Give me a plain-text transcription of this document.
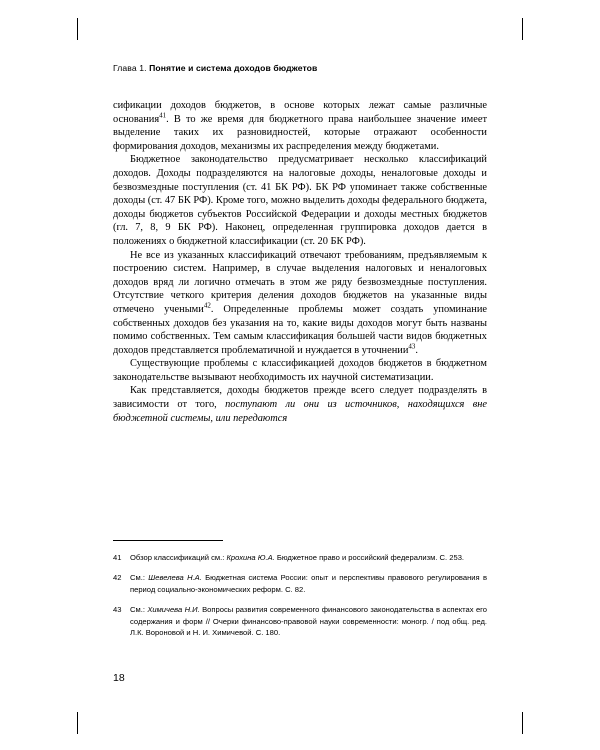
Глава 1. Понятие и система доходов бюджетов

сификации доходов бюджетов, в основе которых лежат самые различные основания$^{41}$. В то же время для бюджетного права наибольшее значение имеет выделение таких их разновидностей, которые отражают особенности формирования доходов, механизмы их распределения между бюджетами.

Бюджетное законодательство предусматривает несколько классификаций доходов. Доходы подразделяются на налоговые доходы, неналоговые доходы и безвозмездные поступления (ст. 41 БК РФ). БК РФ упоминает также собственные доходы (ст. 47 БК РФ). Кроме того, можно выделить доходы федерального бюджета, доходы бюджетов субъектов Российской Федерации и доходы местных бюджетов (гл. 7, 8, 9 БК РФ). Наконец, определенная группировка доходов дается в положениях о бюджетной классификации (ст. 20 БК РФ).

Не все из указанных классификаций отвечают требованиям, предъявляемым к построению систем. Например, в случае выделения налоговых и неналоговых доходов вряд ли логично отмечать в этом же ряду безвозмездные поступления. Отсутствие четкого критерия деления доходов бюджетов на указанные виды отмечено учеными$^{42}$. Определенные проблемы может создать упоминание собственных доходов без указания на то, какие виды доходов могут быть названы помимо собственных. Тем самым классификация большей части видов бюджетных доходов представляется проблематичной и нуждается в уточнении$^{43}$.

Существующие проблемы с классификацией доходов бюджетов в бюджетном законодательстве вызывают необходимость их научной систематизации.

Как представляется, доходы бюджетов прежде всего следует подразделять в зависимости от того, поступают ли они из источников, находящихся вне бюджетной системы, или передаются

41	Обзор классификаций см.: Крохина Ю.А. Бюджетное право и российский федерализм. С. 253.
42	См.: Шевелева Н.А. Бюджетная система России: опыт и перспективы правового регулирования в период социально-экономических реформ. С. 82.
43	См.: Химичева Н.И. Вопросы развития современного финансового законодательства в аспектах его содержания и форм // Очерки финансово-правовой науки современности: моногр. / под общ. ред. Л.К. Вороновой и Н. И. Химичевой. С. 180.
18
